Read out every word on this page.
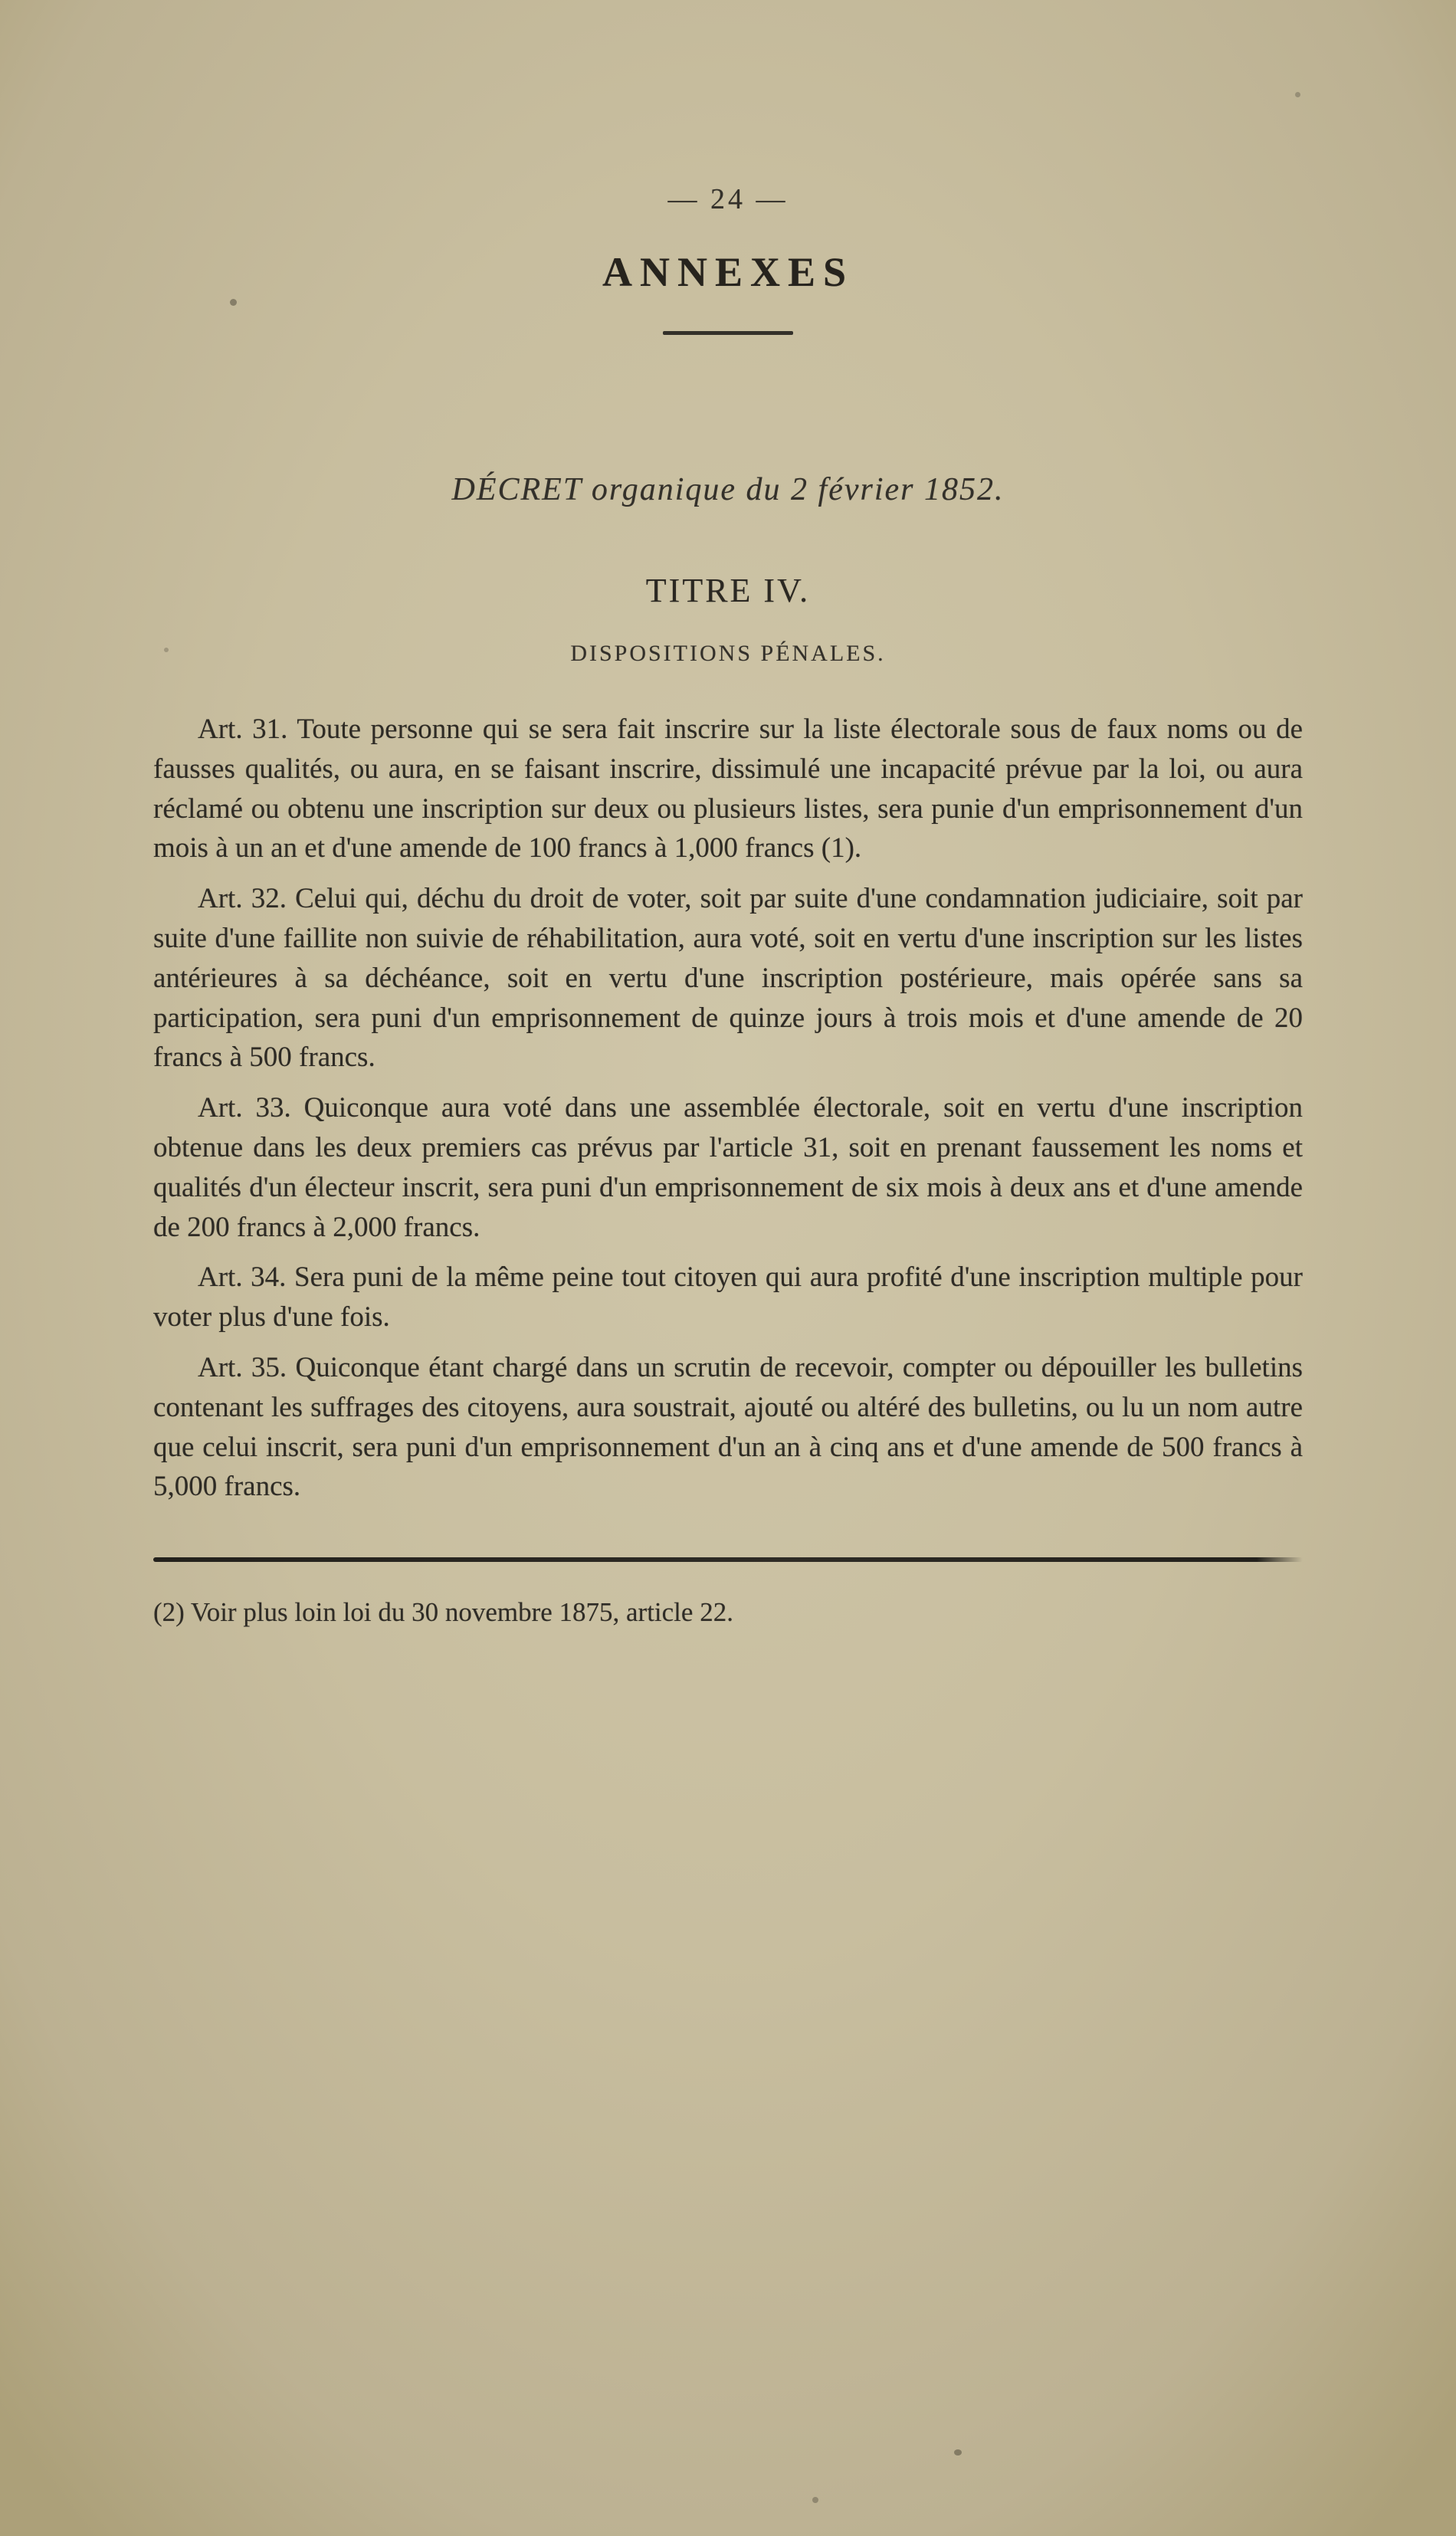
— 24 —
ANNEXES
DÉCRET organique du 2 février 1852.
TITRE IV.
DISPOSITIONS PÉNALES.

Art. 31. Toute personne qui se sera fait inscrire sur la liste électorale sous de faux noms ou de fausses qualités, ou aura, en se faisant inscrire, dissimulé une incapacité prévue par la loi, ou aura réclamé ou obtenu une inscription sur deux ou plusieurs listes, sera punie d'un emprisonnement d'un mois à un an et d'une amende de 100 francs à 1,000 francs (1).

Art. 32. Celui qui, déchu du droit de voter, soit par suite d'une condamnation judiciaire, soit par suite d'une faillite non suivie de réhabilitation, aura voté, soit en vertu d'une inscription sur les listes antérieures à sa déchéance, soit en vertu d'une inscription postérieure, mais opérée sans sa participation, sera puni d'un emprisonnement de quinze jours à trois mois et d'une amende de 20 francs à 500 francs.

Art. 33. Quiconque aura voté dans une assemblée électorale, soit en vertu d'une inscription obtenue dans les deux premiers cas prévus par l'article 31, soit en prenant faussement les noms et qualités d'un électeur inscrit, sera puni d'un emprisonnement de six mois à deux ans et d'une amende de 200 francs à 2,000 francs.

Art. 34. Sera puni de la même peine tout citoyen qui aura profité d'une inscription multiple pour voter plus d'une fois.

Art. 35. Quiconque étant chargé dans un scrutin de recevoir, compter ou dépouiller les bulletins contenant les suffrages des citoyens, aura soustrait, ajouté ou altéré des bulletins, ou lu un nom autre que celui inscrit, sera puni d'un emprisonnement d'un an à cinq ans et d'une amende de 500 francs à 5,000 francs.

(2) Voir plus loin loi du 30 novembre 1875, article 22.
